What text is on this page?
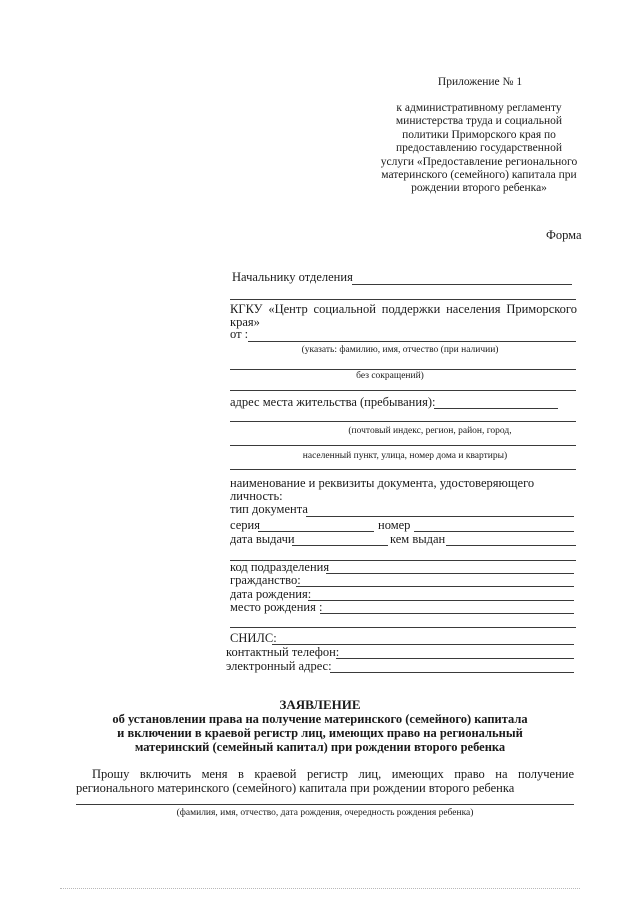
Приложение № 1
к административному регламенту
министерства труда и социальной
политики Приморского края по
предоставлению государственной
услуги «Предоставление регионального
материнского (семейного) капитала при
рождении второго ребенка»
Форма
Начальнику отделения
КГКУ «Центр социальной поддержки населения Приморского
края»
от :
(указать: фамилию, имя, отчество (при наличии)
без сокращений)
адрес места жительства (пребывания):
(почтовый индекс, регион, район, город,
населенный пункт, улица, номер дома и квартиры)
наименование и реквизиты документа, удостоверяющего
личность:
тип документа
серия	номер
дата выдачи	кем выдан
код подразделения
гражданство:
дата рождения:
место рождения :
СНИЛС:
контактный телефон:
электронный адрес:
ЗАЯВЛЕНИЕ
об установлении права на получение материнского (семейного) капитала
и включении в краевой регистр лиц, имеющих право на региональный
материнский (семейный капитал) при рождении второго ребенка
Прошу включить меня в краевой регистр лиц, имеющих право на получение
регионального материнского (семейного) капитала при рождении второго ребенка
(фамилия, имя, отчество, дата рождения, очередность рождения ребенка)
